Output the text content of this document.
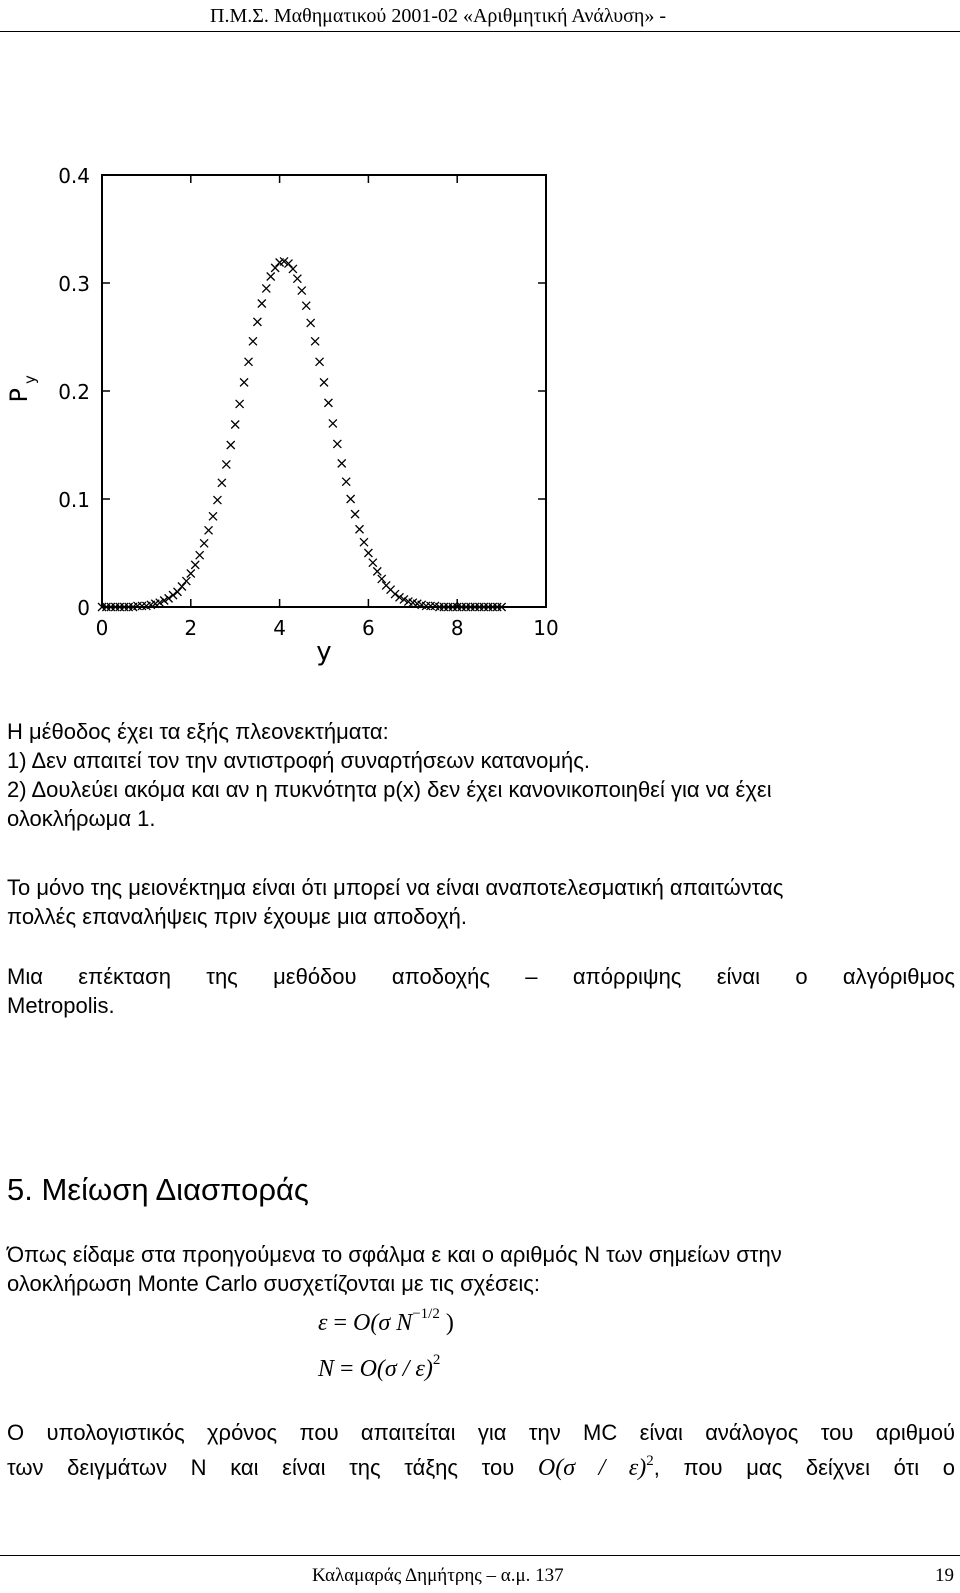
Π.Μ.Σ. Μαθηματικού 2001-02 «Αριθμητική Ανάλυση» -
0
0.1
0.2
0.3
0.4
0	2	4	6	8	10
y
P
y
Η μέθοδος έχει τα εξής πλεονεκτήματα:
1) Δεν απαιτεί τον την αντιστροφή συναρτήσεων κατανομής.
2) Δουλεύει ακόμα και αν η πυκνότητα p(x) δεν έχει κανονικοποιηθεί για να έχει
ολοκλήρωμα 1.
Το μόνο της μειονέκτημα είναι ότι μπορεί να είναι αναποτελεσματική απαιτώντας
πολλές επαναλήψεις πριν έχουμε μια αποδοχή.
Μια επέκταση της μεθόδου αποδοχής – απόρριψης είναι ο αλγόριθμος
Metropolis.
5. Μείωση Διασποράς
Όπως είδαμε στα προηγούμενα το σφάλμα ε και ο αριθμός Ν των σημείων στην
ολοκλήρωση Monte Carlo συσχετίζονται με τις σχέσεις:
ε = O(σ $N^{-1/2}$ )
N = O(σ / ε)$^2$
Ο υπολογιστικός χρόνος που απαιτείται για την MC είναι ανάλογος του αριθμού
των δειγμάτων N και είναι της τάξης του O(σ / ε)$^2$, που μας δείχνει ότι ο
Καλαμαράς Δημήτρης – α.μ. 137	19
